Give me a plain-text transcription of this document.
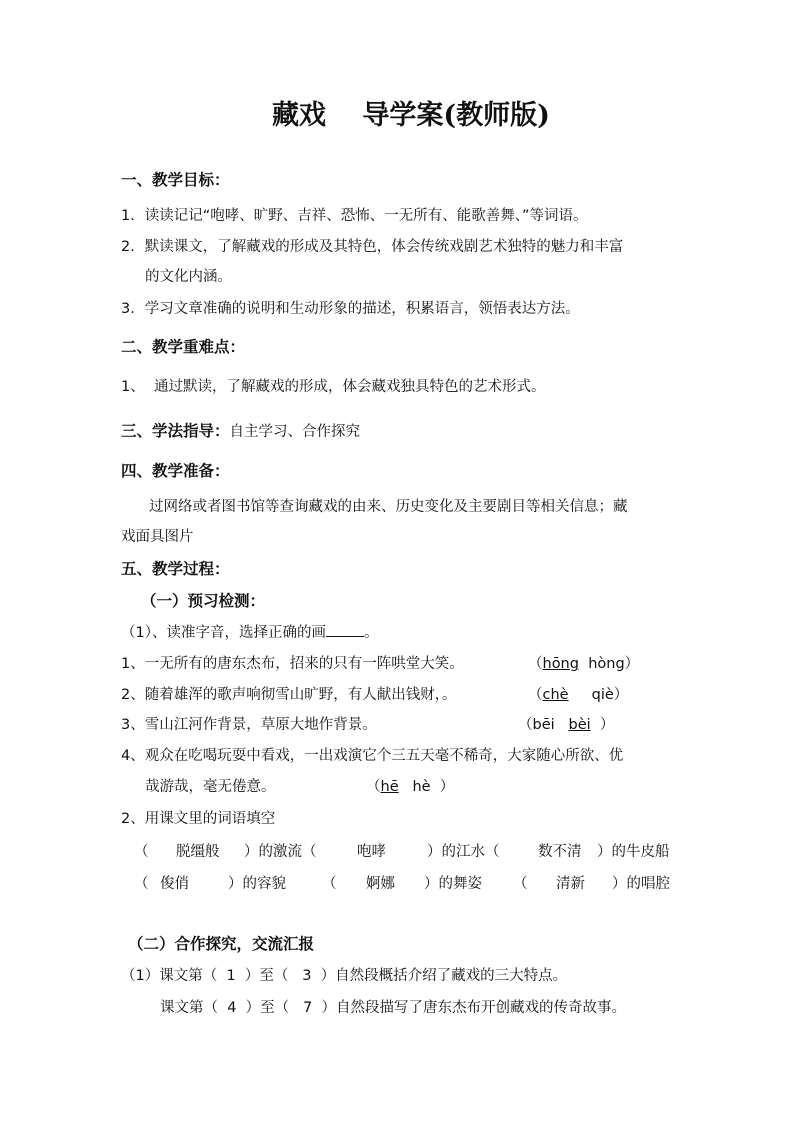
藏戏　 导学案(教师版)
一、教学目标：
1．读读记记“咆哮、旷野、吉祥、恐怖、一无所有、能歌善舞、”等词语。
2．默读课文，了解藏戏的形成及其特色，体会传统戏剧艺术独特的魅力和丰富
的文化内涵。
3．学习文章准确的说明和生动形象的描述，积累语言，领悟表达方法。
二、教学重难点：
1、  通过默读，了解藏戏的形成，体会藏戏独具特色的艺术形式。
三、学法指导：自主学习、合作探究
四、教学准备：
过网络或者图书馆等查询藏戏的由来、历史变化及主要剧目等相关信息；藏
戏面具图片
五、教学过程：
（一）预习检测：
（1）、读准字音，选择正确的画	。
1、一无所有的唐东杰布，招来的只有一阵哄堂大笑。	（hōng hòng）
2、随着雄浑的歌声响彻雪山旷野，有人献出钱财，。	（chè qiè）
3、雪山江河作背景，草原大地作背景。	（bēi bèi ）
4、观众在吃喝玩耍中看戏，一出戏演它个三五天毫不稀奇，大家随心所欲、优
哉游哉，毫无倦意。	（hē hè ）
2、用课文里的词语填空
（ 脱缰般 ）的激流（	咆哮	）的江水（	数不清 ）的牛皮船
（ 俊俏	）的容貌 （ 婀娜 ）的舞姿 （ 清新 ）的唱腔
（二）合作探究，交流汇报
（1）课文第（ 1 ）至（ 3 ）自然段概括介绍了藏戏的三大特点。
课文第（ 4 ）至（ 7 ）自然段描写了唐东杰布开创藏戏的传奇故事。
